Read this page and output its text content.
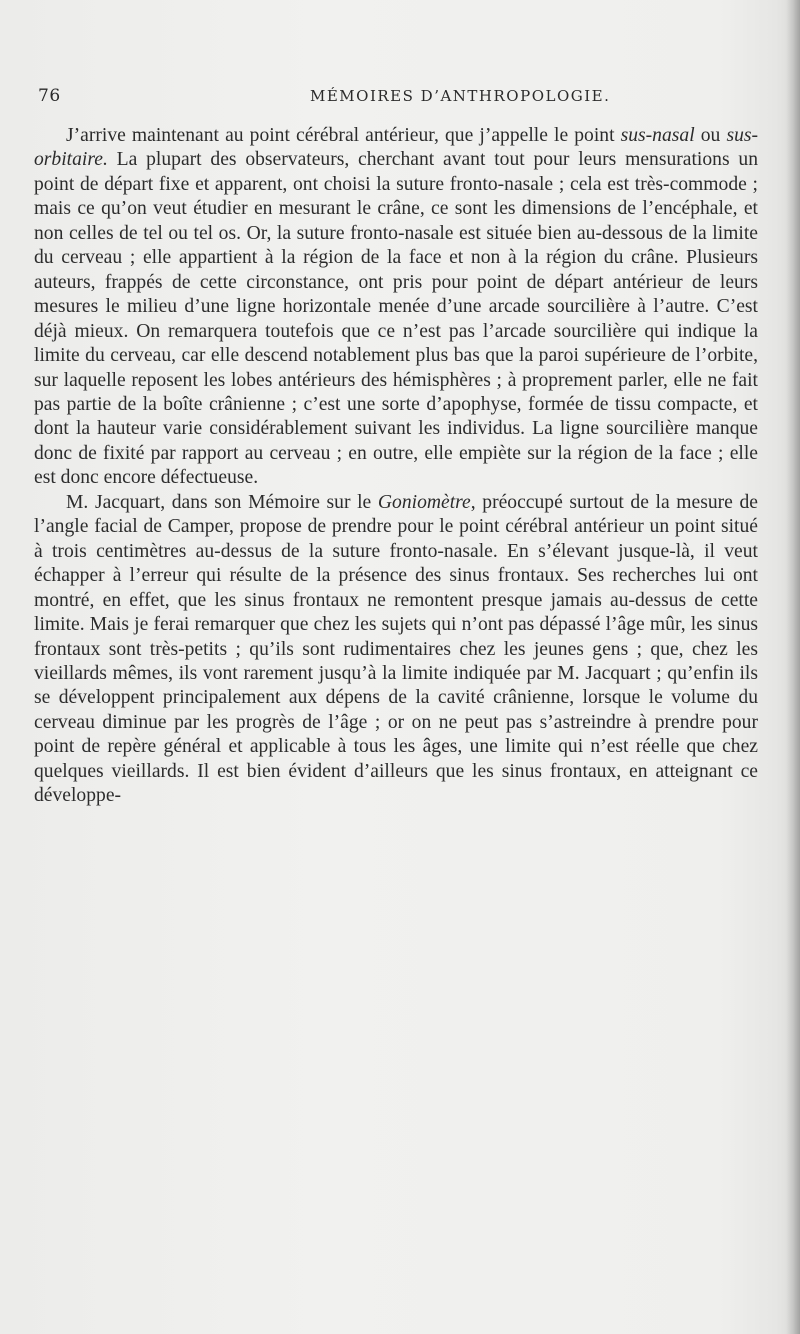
76	MÉMOIRES D’ANTHROPOLOGIE.

J’arrive maintenant au point cérébral antérieur, que j’appelle le point sus-nasal ou sus-orbitaire. La plupart des observateurs, cherchant avant tout pour leurs mensurations un point de départ fixe et apparent, ont choisi la suture fronto-nasale ; cela est très-commode ; mais ce qu’on veut étudier en mesurant le crâne, ce sont les dimensions de l’encéphale, et non celles de tel ou tel os. Or, la suture fronto-nasale est située bien au-dessous de la limite du cerveau ; elle appartient à la région de la face et non à la région du crâne. Plusieurs auteurs, frappés de cette circonstance, ont pris pour point de départ antérieur de leurs mesures le milieu d’une ligne horizontale menée d’une arcade sourcilière à l’autre. C’est déjà mieux. On remarquera toutefois que ce n’est pas l’arcade sourcilière qui indique la limite du cerveau, car elle descend notablement plus bas que la paroi supérieure de l’orbite, sur laquelle reposent les lobes antérieurs des hémisphères ; à proprement parler, elle ne fait pas partie de la boîte crânienne ; c’est une sorte d’apophyse, formée de tissu compacte, et dont la hauteur varie considérablement suivant les individus. La ligne sourcilière manque donc de fixité par rapport au cerveau ; en outre, elle empiète sur la région de la face ; elle est donc encore défectueuse.

M. Jacquart, dans son Mémoire sur le Goniomètre, préoccupé surtout de la mesure de l’angle facial de Camper, propose de prendre pour le point cérébral antérieur un point situé à trois centimètres au-dessus de la suture fronto-nasale. En s’élevant jusque-là, il veut échapper à l’erreur qui résulte de la présence des sinus frontaux. Ses recherches lui ont montré, en effet, que les sinus frontaux ne remontent presque jamais au-dessus de cette limite. Mais je ferai remarquer que chez les sujets qui n’ont pas dépassé l’âge mûr, les sinus frontaux sont très-petits ; qu’ils sont rudimentaires chez les jeunes gens ; que, chez les vieillards mêmes, ils vont rarement jusqu’à la limite indiquée par M. Jacquart ; qu’enfin ils se développent principalement aux dépens de la cavité crânienne, lorsque le volume du cerveau diminue par les progrès de l’âge ; or on ne peut pas s’astreindre à prendre pour point de repère général et applicable à tous les âges, une limite qui n’est réelle que chez quelques vieillards. Il est bien évident d’ailleurs que les sinus frontaux, en atteignant ce développe-
